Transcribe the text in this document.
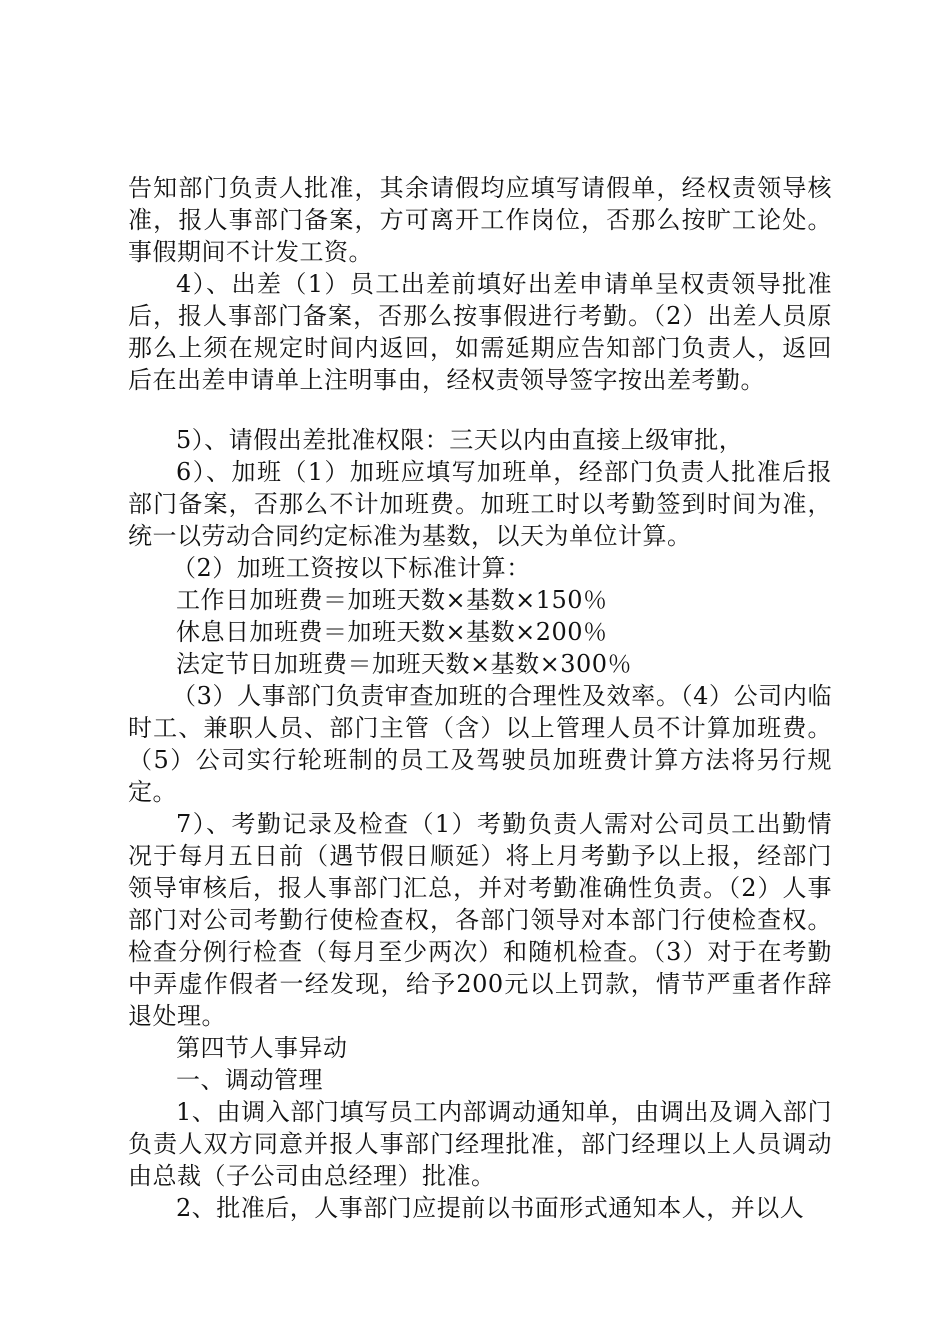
告知部门负责人批准，其余请假均应填写请假单，经权责领导核准，报人事部门备案，方可离开工作岗位，否那么按旷工论处。事假期间不计发工资。

4）、出差（1）员工出差前填好出差申请单呈权责领导批准后，报人事部门备案，否那么按事假进行考勤。（2）出差人员原那么上须在规定时间内返回，如需延期应告知部门负责人，返回后在出差申请单上注明事由，经权责领导签字按出差考勤。

5）、请假出差批准权限：三天以内由直接上级审批，

6）、加班（1）加班应填写加班单，经部门负责人批准后报部门备案，否那么不计加班费。加班工时以考勤签到时间为准，统一以劳动合同约定标准为基数，以天为单位计算。

（2）加班工资按以下标准计算：

工作日加班费＝加班天数×基数×150％

休息日加班费＝加班天数×基数×200％

法定节日加班费＝加班天数×基数×300％

（3）人事部门负责审查加班的合理性及效率。（4）公司内临时工、兼职人员、部门主管（含）以上管理人员不计算加班费。（5）公司实行轮班制的员工及驾驶员加班费计算方法将另行规定。

7）、考勤记录及检查（1）考勤负责人需对公司员工出勤情况于每月五日前（遇节假日顺延）将上月考勤予以上报，经部门领导审核后，报人事部门汇总，并对考勤准确性负责。（2）人事部门对公司考勤行使检查权，各部门领导对本部门行使检查权。检查分例行检查（每月至少两次）和随机检查。（3）对于在考勤中弄虚作假者一经发现，给予200元以上罚款，情节严重者作辞退处理。

第四节人事异动

一、调动管理

1、由调入部门填写员工内部调动通知单，由调出及调入部门负责人双方同意并报人事部门经理批准，部门经理以上人员调动由总裁（子公司由总经理）批准。

2、批准后，人事部门应提前以书面形式通知本人，并以人
